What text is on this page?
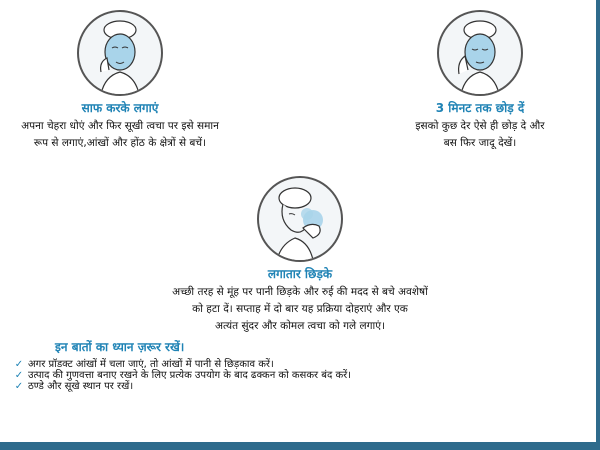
साफ करके लगाएं

अपना चेहरा धोएं और फिर सूखी त्वचा पर इसे समान
रूप से लगाएं,आंखों और होंठ के क्षेत्रों से बचें।

3 मिनट तक छोड़ दें

इसको कुछ देर ऐसे ही छोड़ दे और
बस फिर जादू देखें।

लगातार छिड़के

अच्छी तरह से मूंह पर पानी छिड़के और रुई की मदद से बचे अवशेषों
को हटा दें। सप्ताह में दो बार यह प्रक्रिया दोहराएं और एक
अत्यंत सुंदर और कोमल त्वचा को गले लगाएं।

इन बातों का ध्यान ज़रूर रखें।
✓ अगर प्रॉडक्ट आंखों में चला जाएं, तो आंखों में पानी से छिड़काव करें।
✓ उत्पाद की गुणवत्ता बनाए रखने के लिए प्रत्येक उपयोग के बाद ढक्कन को कसकर बंद करें।
✓ ठण्डे और सूखे स्थान पर रखें।
